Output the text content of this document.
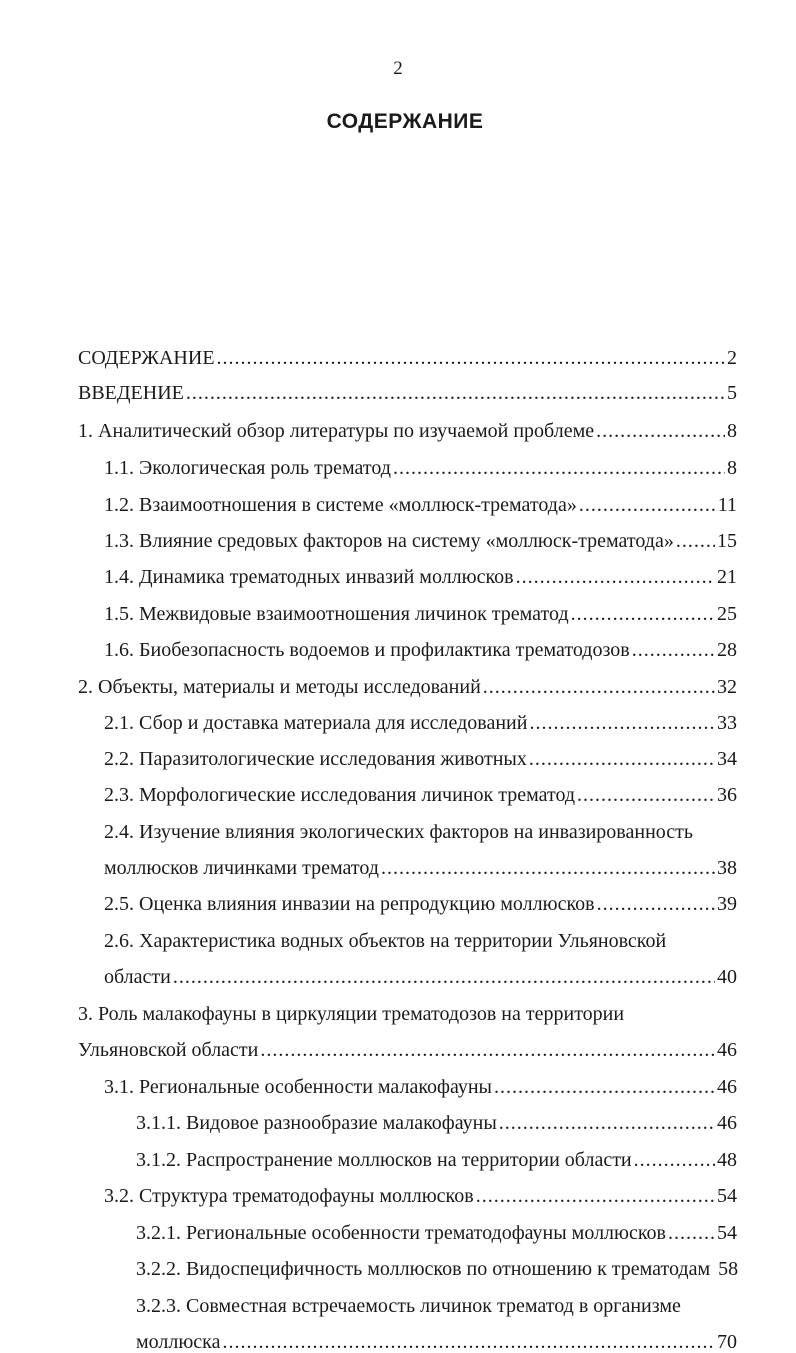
2
СОДЕРЖАНИЕ
СОДЕРЖАНИЕ .....	2
ВВЕДЕНИЕ .....	5
1. Аналитический обзор литературы по изучаемой проблеме .....	8
1.1. Экологическая роль трематод .....	8
1.2. Взаимоотношения в системе «моллюск-трематода» .....	11
1.3. Влияние средовых факторов на систему «моллюск-трематода» ..... 15
1.4. Динамика трематодных инвазий моллюсков .....	21
1.5. Межвидовые взаимоотношения личинок трематод .....	25
1.6. Биобезопасность водоемов и профилактика трематодозов .....	28
2. Объекты, материалы и методы исследований .....	32
2.1. Сбор и доставка материала для исследований .....	33
2.2. Паразитологические исследования животных .....	34
2.3. Морфологические исследования личинок трематод .....	36
2.4. Изучение влияния экологических факторов на инвазированность
моллюсков личинками трематод .....	38
2.5. Оценка влияния инвазии на репродукцию моллюсков .....	39
2.6. Характеристика водных объектов на территории Ульяновской
области .....	40
3. Роль малакофауны в циркуляции трематодозов на территории
Ульяновской области .....	46
3.1. Региональные особенности малакофауны .....	46
3.1.1. Видовое разнообразие малакофауны .....	46
3.1.2. Распространение моллюсков на территории области .....	48
3.2. Структура трематодофауны моллюсков .....	54
3.2.1. Региональные особенности трематодофауны моллюсков .....	54
3.2.2. Видоспецифичность моллюсков по отношению к трематодам 58
3.2.3. Совместная встречаемость личинок трематод в организме
моллюска .....	70
